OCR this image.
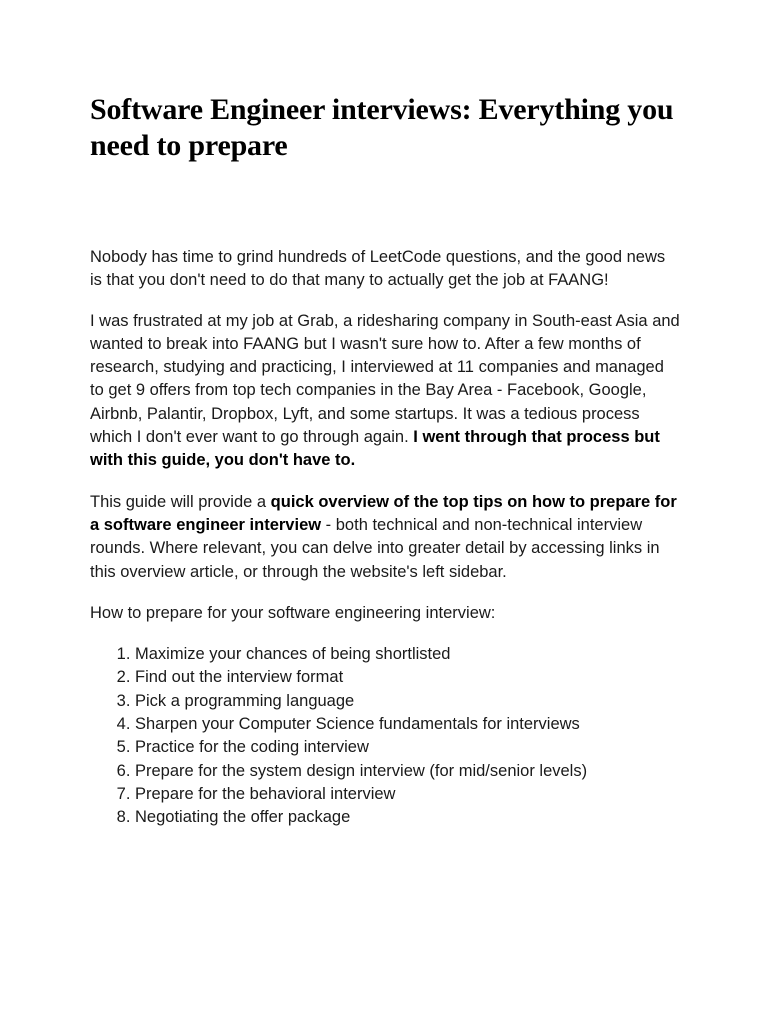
Software Engineer interviews: Everything you need to prepare

Nobody has time to grind hundreds of LeetCode questions, and the good news is that you don't need to do that many to actually get the job at FAANG!

I was frustrated at my job at Grab, a ridesharing company in South-east Asia and wanted to break into FAANG but I wasn't sure how to. After a few months of research, studying and practicing, I interviewed at 11 companies and managed to get 9 offers from top tech companies in the Bay Area - Facebook, Google, Airbnb, Palantir, Dropbox, Lyft, and some startups. It was a tedious process which I don't ever want to go through again. I went through that process but with this guide, you don't have to.

This guide will provide a quick overview of the top tips on how to prepare for a software engineer interview - both technical and non-technical interview rounds. Where relevant, you can delve into greater detail by accessing links in this overview article, or through the website's left sidebar.

How to prepare for your software engineering interview:

1. Maximize your chances of being shortlisted
2. Find out the interview format
3. Pick a programming language
4. Sharpen your Computer Science fundamentals for interviews
5. Practice for the coding interview
6. Prepare for the system design interview (for mid/senior levels)
7. Prepare for the behavioral interview
8. Negotiating the offer package
